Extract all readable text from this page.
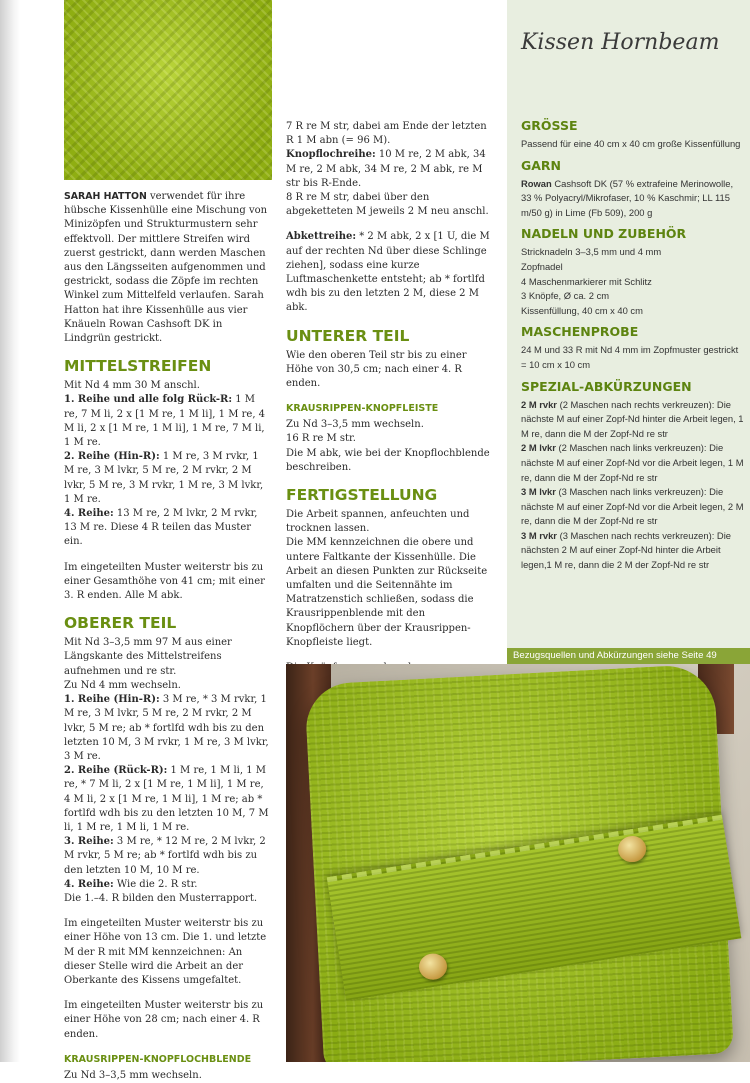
SARAH HATTON verwendet für ihre hübsche Kissenhülle eine Mischung von Minizöpfen und Strukturmustern sehr effektvoll. Der mittlere Streifen wird zuerst gestrickt, dann werden Maschen aus den Längsseiten aufgenommen und gestrickt, sodass die Zöpfe im rechten Winkel zum Mittelfeld verlaufen. Sarah Hatton hat ihre Kissenhülle aus vier Knäueln Rowan Cashsoft DK in Lindgrün gestrickt.

MITTELSTREIFEN
Mit Nd 4 mm 30 M anschl.
1. Reihe und alle folg Rück-R: 1 M re, 7 M li, 2 x [1 M re, 1 M li], 1 M re, 4 M li, 2 x [1 M re, 1 M li], 1 M re, 7 M li, 1 M re.
2. Reihe (Hin-R): 1 M re, 3 M rvkr, 1 M re, 3 M lvkr, 5 M re, 2 M rvkr, 2 M lvkr, 5 M re, 3 M rvkr, 1 M re, 3 M lvkr, 1 M re.
4. Reihe: 13 M re, 2 M lvkr, 2 M rvkr, 13 M re. Diese 4 R teilen das Muster ein.

Im eingeteilten Muster weiterstr bis zu einer Gesamthöhe von 41 cm; mit einer 3. R enden. Alle M abk.

OBERER TEIL
Mit Nd 3–3,5 mm 97 M aus einer Längskante des Mittelstreifens aufnehmen und re str.
Zu Nd 4 mm wechseln.
1. Reihe (Hin-R): 3 M re, * 3 M rvkr, 1 M re, 3 M lvkr, 5 M re, 2 M rvkr, 2 M lvkr, 5 M re; ab * fortlfd wdh bis zu den letzten 10 M, 3 M rvkr, 1 M re, 3 M lvkr, 3 M re.
2. Reihe (Rück-R): 1 M re, 1 M li, 1 M re, * 7 M li, 2 x [1 M re, 1 M li], 1 M re, 4 M li, 2 x [1 M re, 1 M li], 1 M re; ab * fortlfd wdh bis zu den letzten 10 M, 7 M li, 1 M re, 1 M li, 1 M re.
3. Reihe: 3 M re, * 12 M re, 2 M lvkr, 2 M rvkr, 5 M re; ab * fortlfd wdh bis zu den letzten 10 M, 10 M re.
4. Reihe: Wie die 2. R str.
Die 1.–4. R bilden den Musterrapport.

Im eingeteilten Muster weiterstr bis zu einer Höhe von 13 cm. Die 1. und letzte M der R mit MM kennzeichnen: An dieser Stelle wird die Arbeit an der Oberkante des Kissens umgefaltet.

Im eingeteilten Muster weiterstr bis zu einer Höhe von 28 cm; nach einer 4. R enden.

KRAUSRIPPEN-KNOPFLOCHBLENDE
Zu Nd 3–3,5 mm wechseln.
7 R re M str, dabei am Ende der letzten R 1 M abn (= 96 M).
Knopflochreihe: 10 M re, 2 M abk, 34 M re, 2 M abk, 34 M re, 2 M abk, re M str bis R-Ende.
8 R re M str, dabei über den abgeketteten M jeweils 2 M neu anschl.

Abkettreihe: * 2 M abk, 2 x [1 U, die M auf der rechten Nd über diese Schlinge ziehen], sodass eine kurze Luftmaschenkette entsteht; ab * fortlfd wdh bis zu den letzten 2 M, diese 2 M abk.

UNTERER TEIL

Wie den oberen Teil str bis zu einer Höhe von 30,5 cm; nach einer 4. R enden.

KRAUSRIPPEN-KNOPFLEISTE
Zu Nd 3–3,5 mm wechseln.
16 R re M str.
Die M abk, wie bei der Knopflochblende beschreiben.
FERTIGSTELLUNG
Die Arbeit spannen, anfeuchten und trocknen lassen.
Die MM kennzeichnen die obere und untere Faltkante der Kissenhülle. Die Arbeit an diesen Punkten zur Rückseite umfalten und die Seitennähte im Matratzenstich schließen, sodass die Krausrippenblende mit den Knopflöchern über der Krausrippen-Knopfleiste liegt.

Kissen Hornbeam
GRÖSSE
Passend für eine 40 cm x 40 cm große Kissenfüllung
GARN
Rowan Cashsoft DK (57 % extrafeine Merinowolle, 33 % Polyacryl/Mikrofaser, 10 % Kaschmir; LL 115 m/50 g) in Lime (Fb 509), 200 g
NADELN UND ZUBEHÖR

Stricknadeln 3–3,5 mm und 4 mm

Zopfnadel

4 Maschenmarkierer mit Schlitz

3 Knöpfe, Ø ca. 2 cm

Kissenfüllung, 40 cm x 40 cm

MASCHENPROBE
24 M und 33 R mit Nd 4 mm im Zopfmuster gestrickt = 10 cm x 10 cm
SPEZIAL-ABKÜRZUNGEN

2 M rvkr (2 Maschen nach rechts verkreuzen): Die nächste M auf einer Zopf-Nd hinter die Arbeit legen, 1 M re, dann die M der Zopf-Nd re str

2 M lvkr (2 Maschen nach links verkreuzen): Die nächste M auf einer Zopf-Nd vor die Arbeit legen, 1 M re, dann die M der Zopf-Nd re str

3 M lvkr (3 Maschen nach links verkreuzen): Die nächste M auf einer Zopf-Nd vor die Arbeit legen, 2 M re, dann die M der Zopf-Nd re str

3 M rvkr (3 Maschen nach rechts verkreuzen): Die nächsten 2 M auf einer Zopf-Nd hinter die Arbeit legen,1 M re, dann die 2 M der Zopf-Nd re str

Bezugsquellen und Abkürzungen siehe Seite 49
